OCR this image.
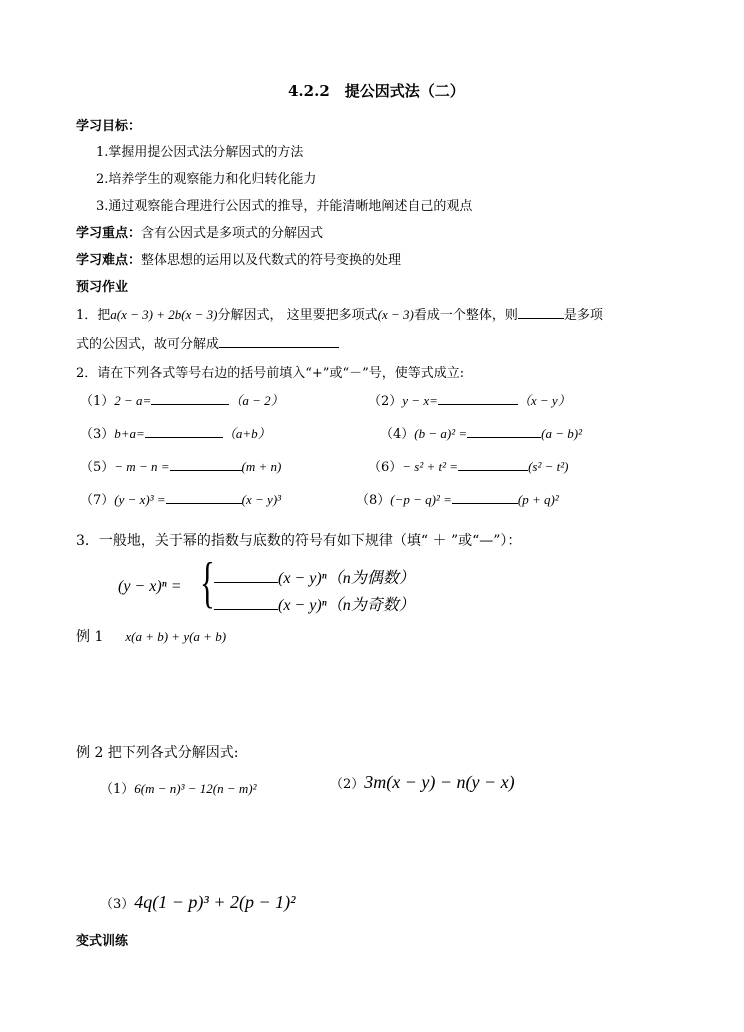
4.2.2　提公因式法（二）
学习目标：
1.掌握用提公因式法分解因式的方法
2.培养学生的观察能力和化归转化能力
3.通过观察能合理进行公因式的推导，并能清晰地阐述自己的观点
学习重点：含有公因式是多项式的分解因式
学习难点：整体思想的运用以及代数式的符号变换的处理
预习作业
1．把a(x − 3) + 2b(x − 3)分解因式， 这里要把多项式(x − 3)看成一个整体，则	是多项
式的公因式，故可分解成
2．请在下列各式等号右边的括号前填入“+”或“－”号，使等式成立:
（1）2 − a=	（a − 2）	（2）y − x=	（x − y）
（3）b+a=	（a+b）	（4）(b − a)² =	(a − b)²
（5）− m − n =	(m + n)	（6）− s² + t² =	(s² − t²)
（7）(y − x)³ =	(x − y)³	（8）(−p − q)² =	(p + q)²
3．一般地，关于幂的指数与底数的符号有如下规律（填“ ＋ ”或“—”）：
(y − x)ⁿ = {	(x − y)ⁿ（n为偶数）
(x − y)ⁿ（n为奇数）
例 1 x(a + b) + y(a + b)
例 2 把下列各式分解因式:
（1）6(m − n)³ − 12(n − m)²	（2）3m(x − y) − n(y − x)
（3）4q(1 − p)³ + 2(p − 1)²
变式训练
